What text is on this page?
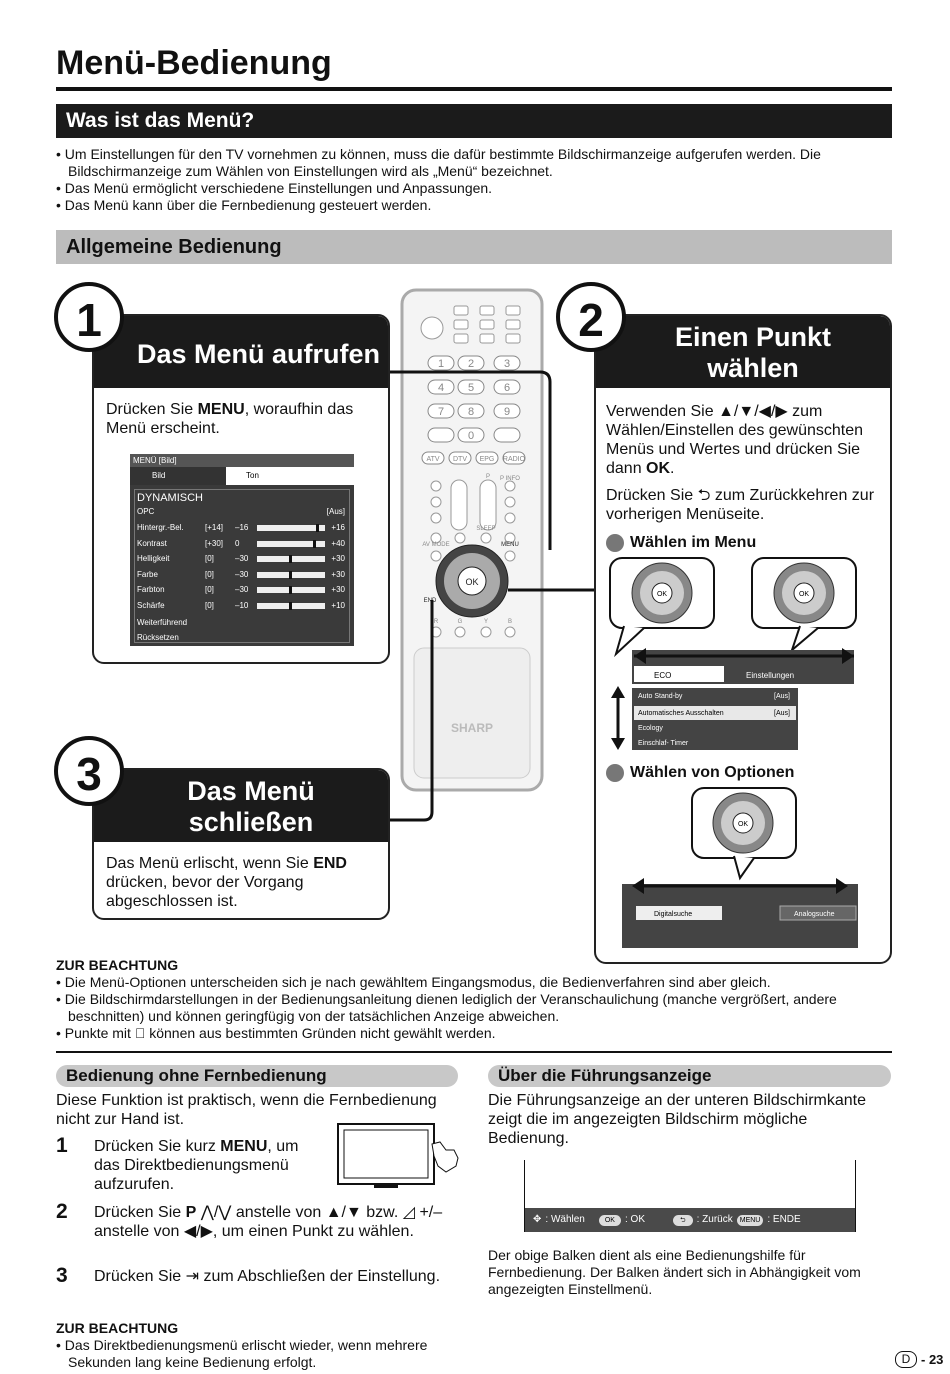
Menü-Bedienung
Was ist das Menü?
• Um Einstellungen für den TV vornehmen zu können, muss die dafür bestimmte Bildschirmanzeige aufgerufen werden. Die Bildschirmanzeige zum Wählen von Einstellungen wird als „Menü“ bezeichnet.
• Das Menü ermöglicht verschiedene Einstellungen und Anpassungen.
• Das Menü kann über die Fernbedienung gesteuert werden.
Allgemeine Bedienung
1 2	3
4 5	6
7 8	9
0
ATV DTV EPG RADIO
P P INFO
SLEEP
AV MODE	MENU
OK
END
R	G	Y	B
SHARP
Das Menü aufrufen
Drücken Sie MENU, woraufhin das Menü erscheint.
MENÜ [Bild]
Bild	Ton
DYNAMISCH
OPC	[Aus]
Hintergr.-Bel.	[+14] –16	+16
Kontrast	[+30] 0	+40
Helligkeit	[0]	–30	+30
Farbe	[0]	–30	+30
Farbton	[0]	–30	+30
Schärfe	[0]	–10	+10
Weiterführend
Rücksetzen
1	Einen Punkt
wählen
Verwenden Sie ▲/▼/◀/▶ zum Wählen/Einstellen des gewünschten Menüs und Wertes und drücken Sie dann OK.
Drücken Sie ⮌ zum Zurückkehren zur vorherigen Menüseite.
Wählen im Menu
Wählen von Optionen
2
OK	OK
ECO	Einstellungen
Auto Stand-by	[Aus]
Automatisches Ausschalten	[Aus]
Ecology
Einschlaf- Timer
OK
Digitalsuche	Analogsuche
Das Menü
schließen
Das Menü erlischt, wenn Sie END drücken, bevor der Vorgang abgeschlossen ist.
3
ZUR BEACHTUNG
• Die Menü-Optionen unterscheiden sich je nach gewähltem Eingangsmodus, die Bedienverfahren sind aber gleich.
• Die Bildschirmdarstellungen in der Bedienungsanleitung dienen lediglich der Veranschaulichung (manche vergrößert, andere beschnitten) und können geringfügig von der tatsächlichen Anzeige abweichen.
• Punkte mit ⃠ können aus bestimmten Gründen nicht gewählt werden.
Bedienung ohne Fernbedienung
Diese Funktion ist praktisch, wenn die Fernbedienung nicht zur Hand ist.
1 Drücken Sie kurz MENU, um das Direktbedienungsmenü aufzurufen.
2 Drücken Sie P ⋀/⋁ anstelle von ▲/▼ bzw. ◿ +/– anstelle von ◀/▶, um einen Punkt zu wählen.
3 Drücken Sie ⇥ zum Abschließen der Einstellung.
ZUR BEACHTUNG
• Das Direktbedienungsmenü erlischt wieder, wenn mehrere Sekunden lang keine Bedienung erfolgt.
Über die Führungsanzeige
Die Führungsanzeige an der unteren Bildschirmkante zeigt die im angezeigten Bildschirm mögliche Bedienung.
✥ : Wählen	OK	: OK	⮌	: Zurück	MENU : ENDE
Der obige Balken dient als eine Bedienungshilfe für Fernbedienung. Der Balken ändert sich in Abhängigkeit vom angezeigten Einstellmenü.
D - 23
